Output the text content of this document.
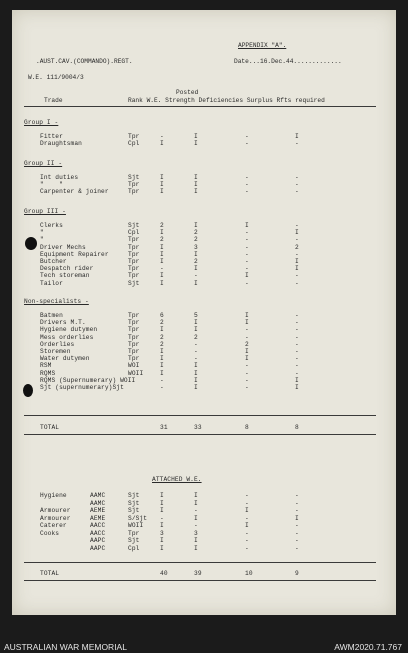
APPENDIX "A".
.AUST.CAV.(COMMANDO).REGT.	Date...16.Dec.44.............
W.E. 111/9004/3
Posted
Trade	Rank W.E. Strength Deficiencies Surplus Rfts required
Group I -
Fitter	Tpr	-	I	-	I
Draughtsman	Cpl	I	I	-	-
Group II -
Int duties	Sjt	I	I	-	-
"    "	Tpr	I	I	-	-
Carpenter & joiner	Tpr	I	I	-	-
Group III -
Clerks	Sjt	2	I	I	-
"	Cpl	I	2	-	I
"	Tpr	2	2	-	-
Driver Mechs	Tpr	I	3	-	2
Equipment Repairer	Tpr	I	I	-	-
Butcher	Tpr	I	2	-	I
Despatch rider	Tpr	-	I	-	I
Tech storeman	Tpr	I	-	I	-
Tailor	Sjt	I	I	-	-
Non-specialists -
Batmen	Tpr	6	5	I	-
Drivers M.T.	Tpr	2	I	I	-
Hygiene dutymen	Tpr	I	I	-	-
Mess orderlies	Tpr	2	2	-	-
Orderlies	Tpr	2	-	2	-
Storemen	Tpr	I	-	I	-
Water dutymen	Tpr	I	-	I	-
RSM	WOI	I	I	-	-
RQMS	WOII	I	I	-	-
RQMS (Supernumerary) WOII	-	I	-	I
Sjt (supernumerary)Sjt	-	I	-	I
TOTAL	31	33	8	8
ATTACHED W.E.
Hygiene	AAMC	Sjt	I	I	-	-
AAMC	Sjt	I	I	-	-
Armourer	AEME	Sjt	I	-	I	-
Armourer	AEME	S/Sjt -	I	-	I
Caterer	AACC	WOII	I	-	I	-
Cooks	AACC	Tpr	3	3	-	-
AAPC	Sjt	I	I	-	-
AAPC	Cpl	I	I	-	-
TOTAL	40	39	10	9
AUSTRALIAN WAR MEMORIAL	AWM2020.71.767
